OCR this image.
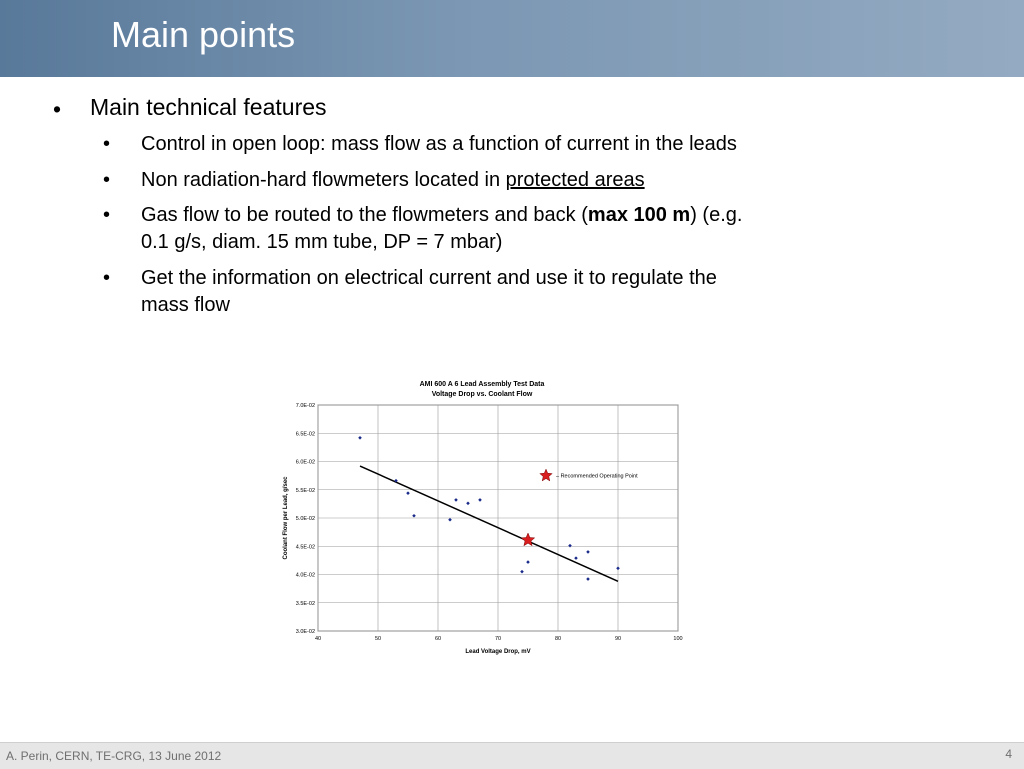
Main points
• Main technical features
• Control in open loop: mass flow as a function of current in the leads
• Non radiation-hard flowmeters located in protected areas
• Gas flow to be routed to the flowmeters and back (max 100 m) (e.g.
0.1 g/s, diam. 15 mm tube, DP = 7 mbar)
• Get the information on electrical current and use it to regulate the
mass flow
AMI 600 A 6 Lead Assembly Test Data
Voltage Drop vs. Coolant Flow
Lead Voltage Drop, mV
Coolant Flow per Lead, g/sec
3.0E-02
3.5E-02
4.0E-02
4.5E-02
5.0E-02
5.5E-02
6.0E-02
6.5E-02
7.0E-02
40	50	60	70	80	90	100
– Recommended Operating Point
A. Perin, CERN, TE-CRG, 13 June 2012	4
